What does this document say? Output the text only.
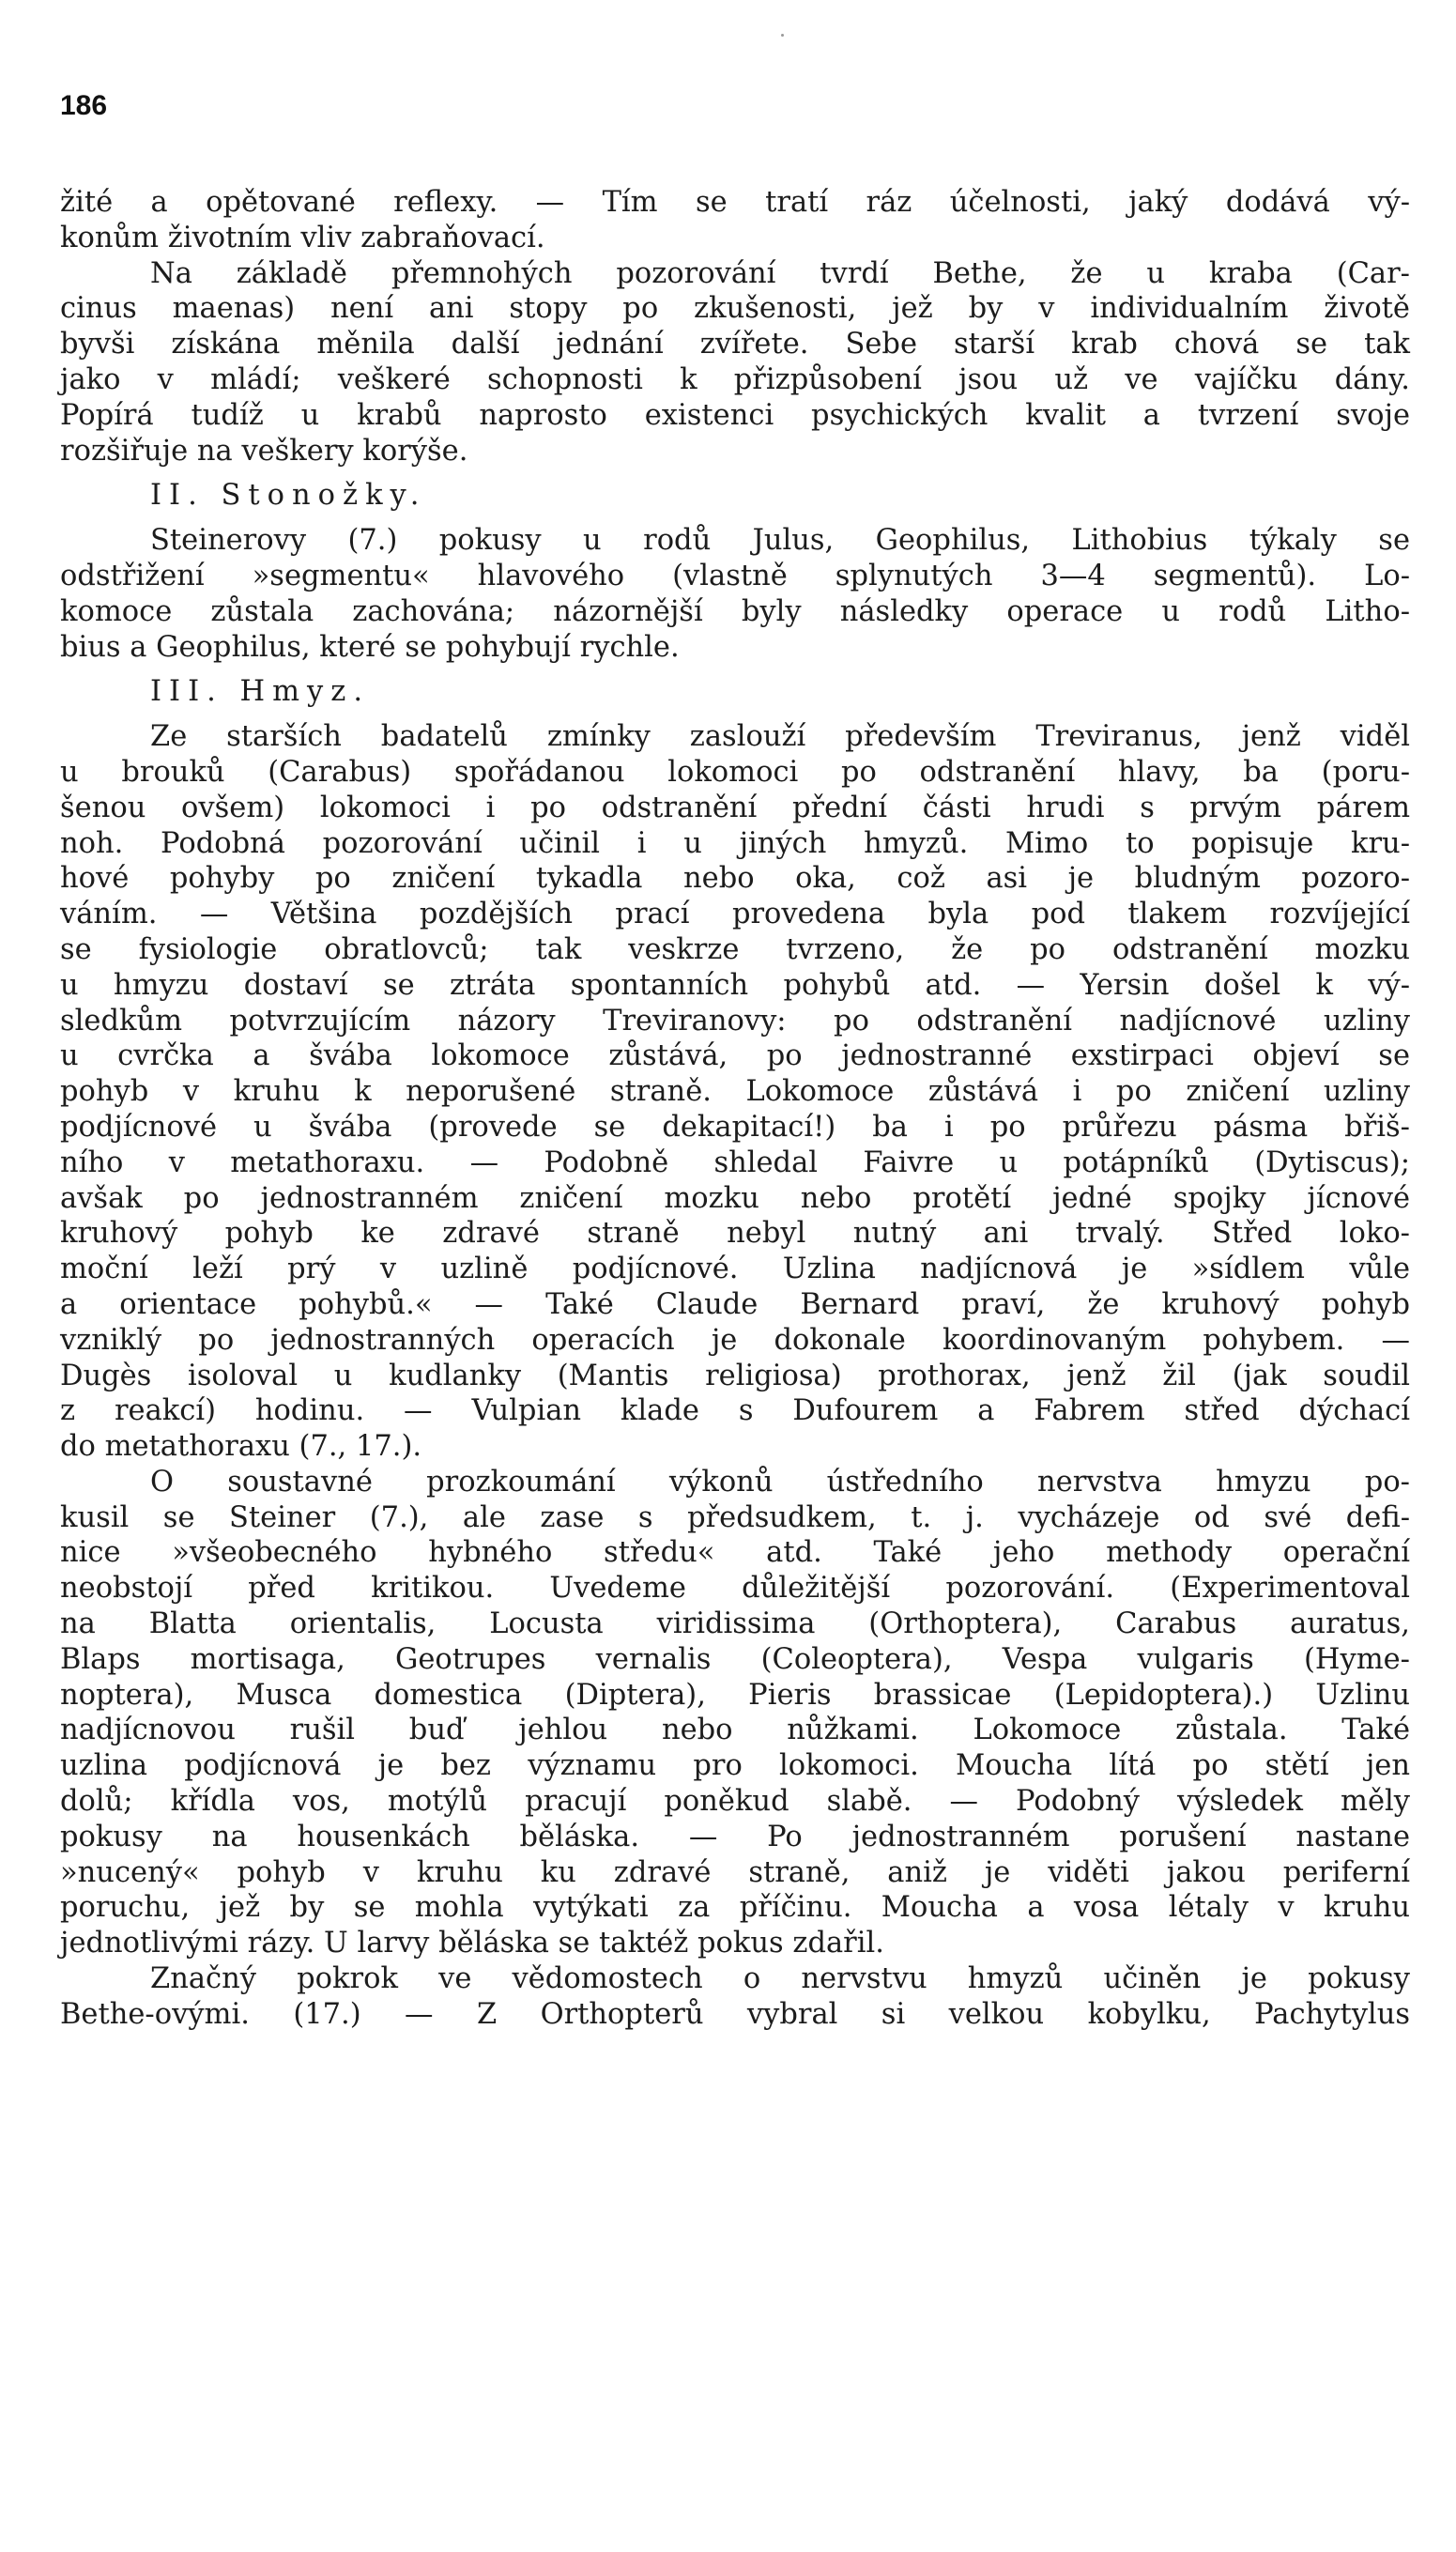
186
žité a opětované reflexy. — Tím se tratí ráz účelnosti, jaký dodává vý-
konům životním vliv zabraňovací.
Na základě přemnohých pozorování tvrdí Bethe, že u kraba (Car-
cinus maenas) není ani stopy po zkušenosti, jež by v individualním životě
byvši získána měnila další jednání zvířete. Sebe starší krab chová se tak
jako v mládí; veškeré schopnosti k přizpůsobení jsou už ve vajíčku dány.
Popírá tudíž u krabů naprosto existenci psychických kvalit a tvrzení svoje
rozšiřuje na veškery korýše.
II. Stonožky.
Steinerovy (7.) pokusy u rodů Julus, Geophilus, Lithobius týkaly se
odstřižení »segmentu« hlavového (vlastně splynutých 3—4 segmentů). Lo-
komoce zůstala zachována; názornější byly následky operace u rodů Litho-
bius a Geophilus, které se pohybují rychle.
III. Hmyz.
Ze starších badatelů zmínky zaslouží především Treviranus, jenž viděl
u brouků (Carabus) spořádanou lokomoci po odstranění hlavy, ba (poru-
šenou ovšem) lokomoci i po odstranění přední části hrudi s prvým párem
noh. Podobná pozorování učinil i u jiných hmyzů. Mimo to popisuje kru-
hové pohyby po zničení tykadla nebo oka, což asi je bludným pozoro-
váním. — Většina pozdějších prací provedena byla pod tlakem rozvíjející
se fysiologie obratlovců; tak veskrze tvrzeno, že po odstranění mozku
u hmyzu dostaví se ztráta spontanních pohybů atd. — Yersin došel k vý-
sledkům potvrzujícím názory Treviranovy: po odstranění nadjícnové uzliny
u cvrčka a švába lokomoce zůstává, po jednostranné exstirpaci objeví se
pohyb v kruhu k neporušené straně. Lokomoce zůstává i po zničení uzliny
podjícnové u švába (provede se dekapitací!) ba i po průřezu pásma břiš-
ního v metathoraxu. — Podobně shledal Faivre u potápníků (Dytiscus);
avšak po jednostranném zničení mozku nebo protětí jedné spojky jícnové
kruhový pohyb ke zdravé straně nebyl nutný ani trvalý. Střed loko-
moční leží prý v uzlině podjícnové. Uzlina nadjícnová je »sídlem vůle
a orientace pohybů.« — Také Claude Bernard praví, že kruhový pohyb
vzniklý po jednostranných operacích je dokonale koordinovaným pohybem. —
Dugès isoloval u kudlanky (Mantis religiosa) prothorax, jenž žil (jak soudil
z reakcí) hodinu. — Vulpian klade s Dufourem a Fabrem střed dýchací
do metathoraxu (7., 17.).
O soustavné prozkoumání výkonů ústředního nervstva hmyzu po-
kusil se Steiner (7.), ale zase s předsudkem, t. j. vycházeje od své defi-
nice »všeobecného hybného středu« atd. Také jeho methody operační
neobstojí před kritikou. Uvedeme důležitější pozorování. (Experimentoval
na Blatta orientalis, Locusta viridissima (Orthoptera), Carabus auratus,
Blaps mortisaga, Geotrupes vernalis (Coleoptera), Vespa vulgaris (Hyme-
noptera), Musca domestica (Diptera), Pieris brassicae (Lepidoptera).) Uzlinu
nadjícnovou rušil buď jehlou nebo nůžkami. Lokomoce zůstala. Také
uzlina podjícnová je bez významu pro lokomoci. Moucha lítá po stětí jen
dolů; křídla vos, motýlů pracují poněkud slabě. — Podobný výsledek měly
pokusy na housenkách běláska. — Po jednostranném porušení nastane
»nucený« pohyb v kruhu ku zdravé straně, aniž je viděti jakou periferní
poruchu, jež by se mohla vytýkati za příčinu. Moucha a vosa létaly v kruhu
jednotlivými rázy. U larvy běláska se taktéž pokus zdařil.
Značný pokrok ve vědomostech o nervstvu hmyzů učiněn je pokusy
Bethe-ovými. (17.) — Z Orthopterů vybral si velkou kobylku, Pachytylus
